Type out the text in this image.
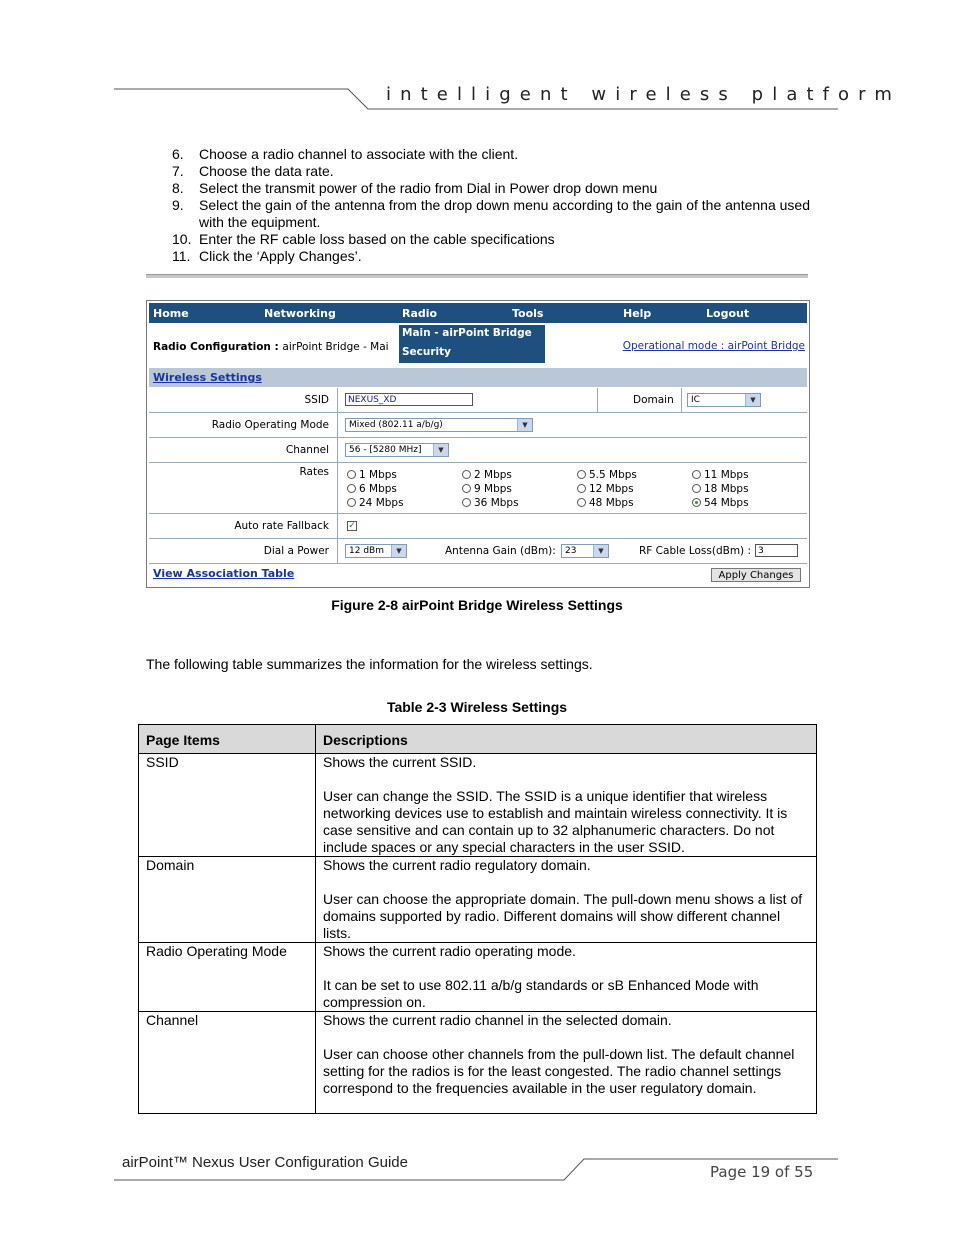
intelligent wireless platform
6.	Choose a radio channel to associate with the client.
7.	Choose the data rate.
8.	Select the transmit power of the radio from Dial in Power drop down menu
9.	Select the gain of the antenna from the drop down menu according to the gain of the antenna used with the equipment.
10. Enter the RF cable loss based on the cable specifications
11. Click the ‘Apply Changes’.
Home	Networking	Radio	Tools	Help	Logout
Radio Configuration : airPoint Bridge - Mai
Main - airPoint Bridge
Security	Operational mode : airPoint Bridge
Wireless Settings
SSID	NEXUS_XD	Domain	IC	▼
Radio Operating Mode	Mixed (802.11 a/b/g)	▼
Channel	56 - [5280 MHz]	▼
Rates	1 Mbps	2 Mbps	5.5 Mbps	11 Mbps
6 Mbps	9 Mbps	12 Mbps	18 Mbps
24 Mbps	36 Mbps	48 Mbps	54 Mbps
Auto rate Fallback ✓
Dial a Power	12 dBm	▼	Antenna Gain (dBm):	23	▼	RF Cable Loss(dBm) : 3
View Association Table	Apply Changes
Figure 2-8 airPoint Bridge Wireless Settings
The following table summarizes the information for the wireless settings.
Table 2-3 Wireless Settings
Page Items	Descriptions
SSID	Shows the current SSID.

User can change the SSID. The SSID is a unique identifier that wireless networking devices use to establish and maintain wireless connectivity. It is case sensitive and can contain up to 32 alphanumeric characters. Do not include spaces or any special characters in the user SSID.

Domain	Shows the current radio regulatory domain.

User can choose the appropriate domain. The pull-down menu shows a list of domains supported by radio. Different domains will show different channel lists.

Radio Operating Mode	Shows the current radio operating mode.

It can be set to use 802.11 a/b/g standards or sB Enhanced Mode with compression on.

Channel	Shows the current radio channel in the selected domain.

User can choose other channels from the pull-down list. The default channel setting for the radios is for the least congested. The radio channel settings correspond to the frequencies available in the user regulatory domain.

airPoint™ Nexus User Configuration Guide
Page 19 of 55
